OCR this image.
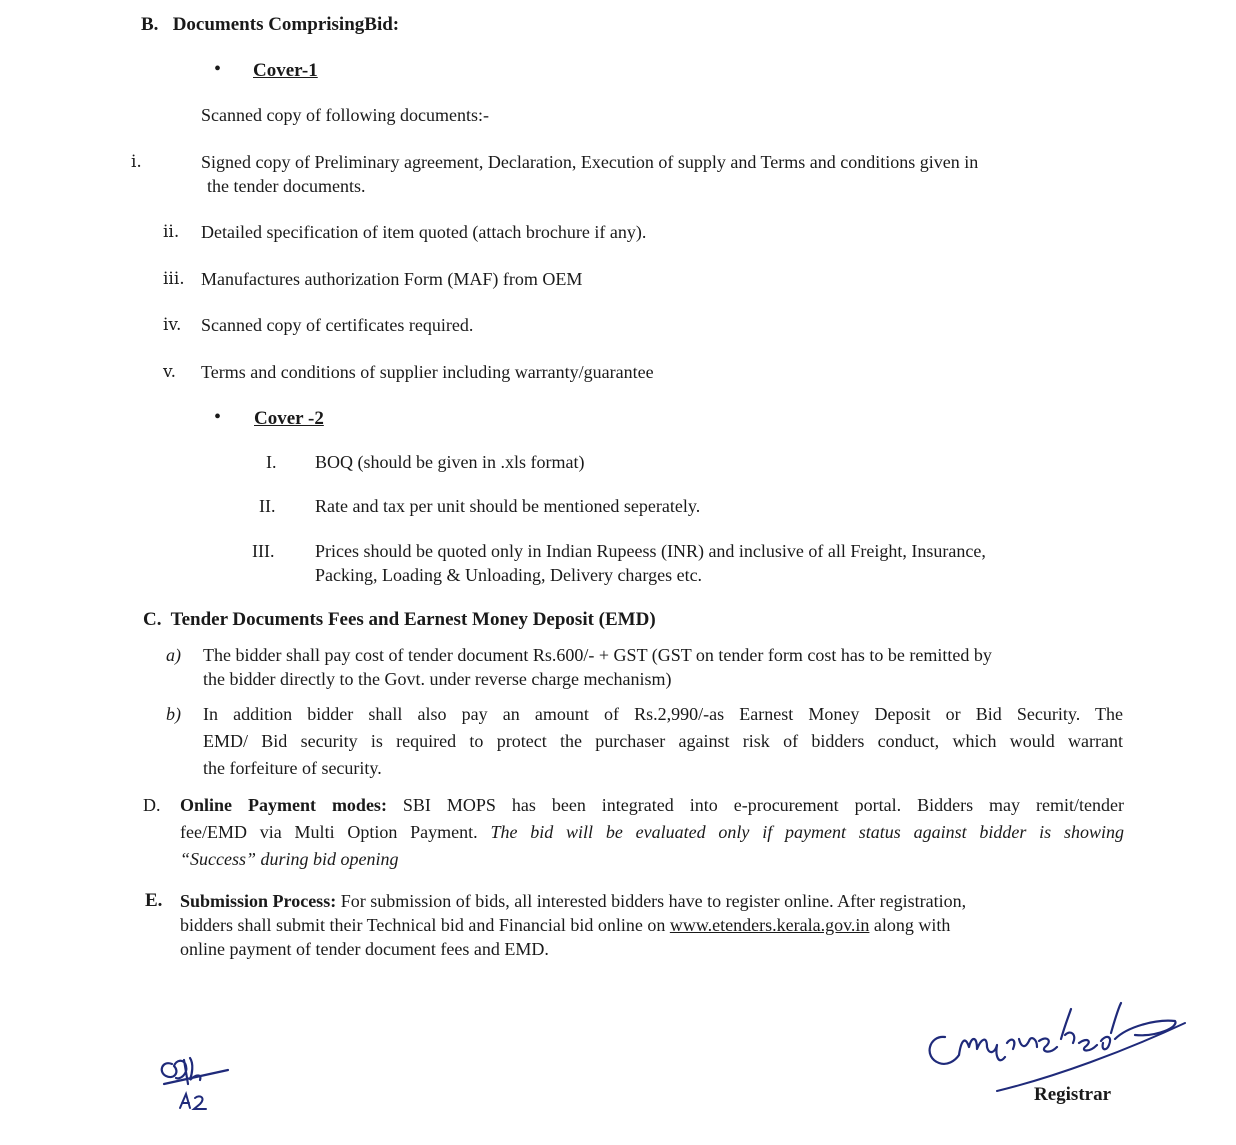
B. Documents ComprisingBid:
• Cover-1
Scanned copy of following documents:-
i.	Signed copy of Preliminary agreement, Declaration, Execution of supply and Terms and conditions given in
the tender documents.
ii. Detailed specification of item quoted (attach brochure if any).
iii. Manufactures authorization Form (MAF) from OEM
iv. Scanned copy of certificates required.
v. Terms and conditions of supplier including warranty/guarantee
• Cover -2
I. BOQ (should be given in .xls format)
II. Rate and tax per unit should be mentioned seperately.
III. Prices should be quoted only in Indian Rupeess (INR) and inclusive of all Freight, Insurance,
Packing, Loading & Unloading, Delivery charges etc.
C. Tender Documents Fees and Earnest Money Deposit (EMD)
a) The bidder shall pay cost of tender document Rs.600/- + GST (GST on tender form cost has to be remitted by
the bidder directly to the Govt. under reverse charge mechanism)
b) In addition bidder shall also pay an amount of Rs.2,990/-as Earnest Money Deposit or Bid Security. The
EMD/ Bid security is required to protect the purchaser against risk of bidders conduct, which would warrant
the forfeiture of security.
D. Online Payment modes: SBI MOPS has been integrated into e-procurement portal. Bidders may remit/tender
fee/EMD via Multi Option Payment. The bid will be evaluated only if payment status against bidder is showing
“Success” during bid opening
E. Submission Process: For submission of bids, all interested bidders have to register online. After registration,
bidders shall submit their Technical bid and Financial bid online on www.etenders.kerala.gov.in along with
online payment of tender document fees and EMD.
Registrar
